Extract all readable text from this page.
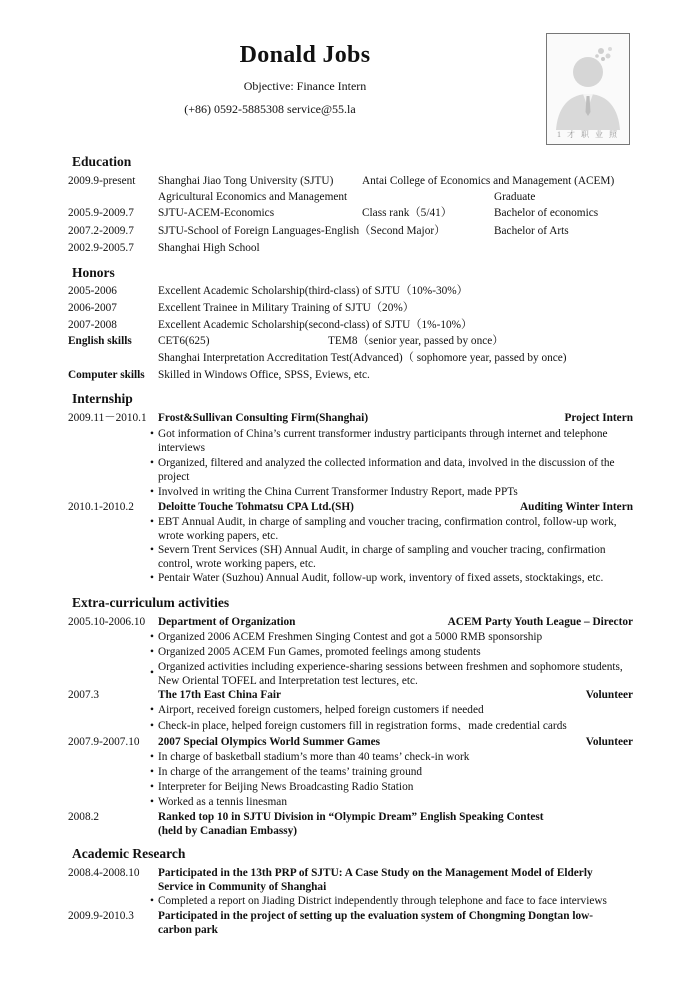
Donald Jobs
Objective: Finance Intern
(+86) 0592-5885308 service@55.la
1 才 职 业 照
Education
2009.9-present Shanghai Jiao Tong University (SJTU)	Antai College of Economics and Management (ACEM)
Agricultural Economics and Management	Graduate
2005.9-2009.7 SJTU-ACEM-Economics	Class rank（5/41）	Bachelor of economics
2007.2-2009.7 SJTU-School of Foreign Languages-English（Second Major）	Bachelor of Arts
2002.9-2005.7 Shanghai High School
Honors
2005-2006	Excellent Academic Scholarship(third-class) of SJTU（10%-30%）
2006-2007	Excellent Trainee in Military Training of SJTU（20%）
2007-2008	Excellent Academic Scholarship(second-class) of SJTU（1%-10%）
English skills CET6(625)	TEM8（senior year, passed by once）
Shanghai Interpretation Accreditation Test(Advanced)（ sophomore year, passed by once)
Computer skills Skilled in Windows Office, SPSS, Eviews, etc.
Internship
2009.11－2010.1 Frost&Sullivan Consulting Firm(Shanghai)	Project Intern
• Got information of China’s current transformer industry participants through internet and telephone interviews
• Organized, filtered and analyzed the collected information and data, involved in the discussion of the project
• Involved in writing the China Current Transformer Industry Report, made PPTs
2010.1-2010.2 Deloitte Touche Tohmatsu CPA Ltd.(SH)	Auditing Winter Intern
• EBT Annual Audit, in charge of sampling and voucher tracing, confirmation control, follow-up work, wrote working papers, etc.
• Severn Trent Services (SH) Annual Audit, in charge of sampling and voucher tracing, confirmation control, wrote working papers, etc.
• Pentair Water (Suzhou) Annual Audit, follow-up work, inventory of fixed assets, stocktakings, etc.
Extra-curriculum activities
2005.10-2006.10 Department of Organization	ACEM Party Youth League – Director
• Organized 2006 ACEM Freshmen Singing Contest and got a 5000 RMB sponsorship
• Organized 2005 ACEM Fun Games, promoted feelings among students
• Organized activities including experience-sharing sessions between freshmen and sophomore students, New Oriental TOFEL and Interpretation test lectures, etc.
2007.3	The 17th East China Fair	Volunteer
• Airport, received foreign customers, helped foreign customers if needed
• Check-in place, helped foreign customers fill in registration forms、made credential cards
2007.9-2007.10 2007 Special Olympics World Summer Games	Volunteer
• In charge of basketball stadium’s more than 40 teams’ check-in work
• In charge of the arrangement of the teams’ training ground
• Interpreter for Beijing News Broadcasting Radio Station
• Worked as a tennis linesman
2008.2	Ranked top 10 in SJTU Division in “Olympic Dream” English Speaking Contest
(held by Canadian Embassy)
Academic Research
2008.4-2008.10 Participated in the 13th PRP of SJTU: A Case Study on the Management Model of Elderly
Service in Community of Shanghai
• Completed a report on Jiading District independently through telephone and face to face interviews
2009.9-2010.3 Participated in the project of setting up the evaluation system of Chongming Dongtan low-
carbon park
